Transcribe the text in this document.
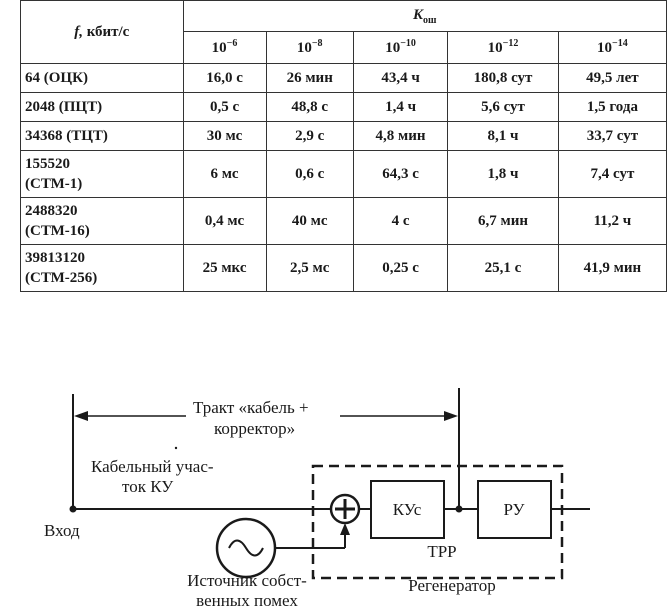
f, кбит/с	$K_{ош}$
	$10^{-6}$	$10^{-8}$	$10^{-10}$	$10^{-12}$	$10^{-14}$

64 (ОЦК)	16,0 с	26 мин	43,4 ч	180,8 сут	49,5 лет

2048 (ПЦТ)	0,5 с	48,8 с	1,4 ч	5,6 сут	1,5 года

34368 (ТЦТ)	30 мс	2,9 с	4,8 мин	8,1 ч	33,7 сут

155520
(СТМ-1)	6 мс	0,6 с	64,3 с	1,8 ч	7,4 сут

2488320
(СТМ-16)	0,4 мс	40 мс	4 с	6,7 мин	11,2 ч

39813120
(СТМ-256)	25 мкс	2,5 мс	0,25 с	25,1 с	41,9 мин
Тракт «кабель +
корректор»
Кабельный учас-
ток КУ
Вход
КУс	РУ
ТРР
Регенератор
Источник собст-
венных помех
